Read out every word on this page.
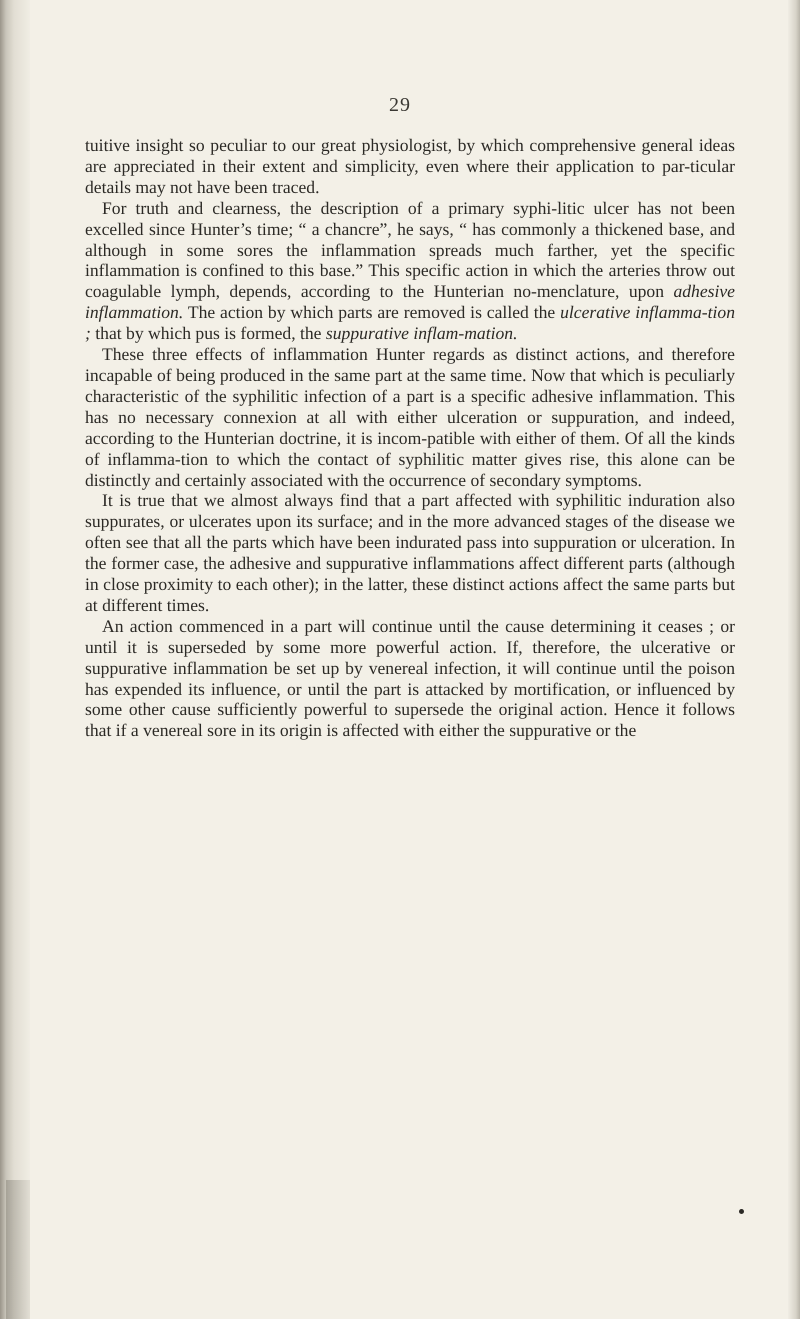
29

tuitive insight so peculiar to our great physiologist, by which comprehensive general ideas are appreciated in their extent and simplicity, even where their application to par-ticular details may not have been traced.

For truth and clearness, the description of a primary syphi-litic ulcer has not been excelled since Hunter’s time; “ a chancre”, he says, “ has commonly a thickened base, and although in some sores the inflammation spreads much farther, yet the specific inflammation is confined to this base.” This specific action in which the arteries throw out coagulable lymph, depends, according to the Hunterian no-menclature, upon adhesive inflammation. The action by which parts are removed is called the ulcerative inflamma-tion ; that by which pus is formed, the suppurative inflam-mation.

These three effects of inflammation Hunter regards as distinct actions, and therefore incapable of being produced in the same part at the same time. Now that which is peculiarly characteristic of the syphilitic infection of a part is a specific adhesive inflammation. This has no necessary connexion at all with either ulceration or suppuration, and indeed, according to the Hunterian doctrine, it is incom-patible with either of them. Of all the kinds of inflamma-tion to which the contact of syphilitic matter gives rise, this alone can be distinctly and certainly associated with the occurrence of secondary symptoms.

It is true that we almost always find that a part affected with syphilitic induration also suppurates, or ulcerates upon its surface; and in the more advanced stages of the disease we often see that all the parts which have been indurated pass into suppuration or ulceration. In the former case, the adhesive and suppurative inflammations affect different parts (although in close proximity to each other); in the latter, these distinct actions affect the same parts but at different times.

An action commenced in a part will continue until the cause determining it ceases ; or until it is superseded by some more powerful action. If, therefore, the ulcerative or suppurative inflammation be set up by venereal infection, it will continue until the poison has expended its influence, or until the part is attacked by mortification, or influenced by some other cause sufficiently powerful to supersede the original action. Hence it follows that if a venereal sore in its origin is affected with either the suppurative or the
